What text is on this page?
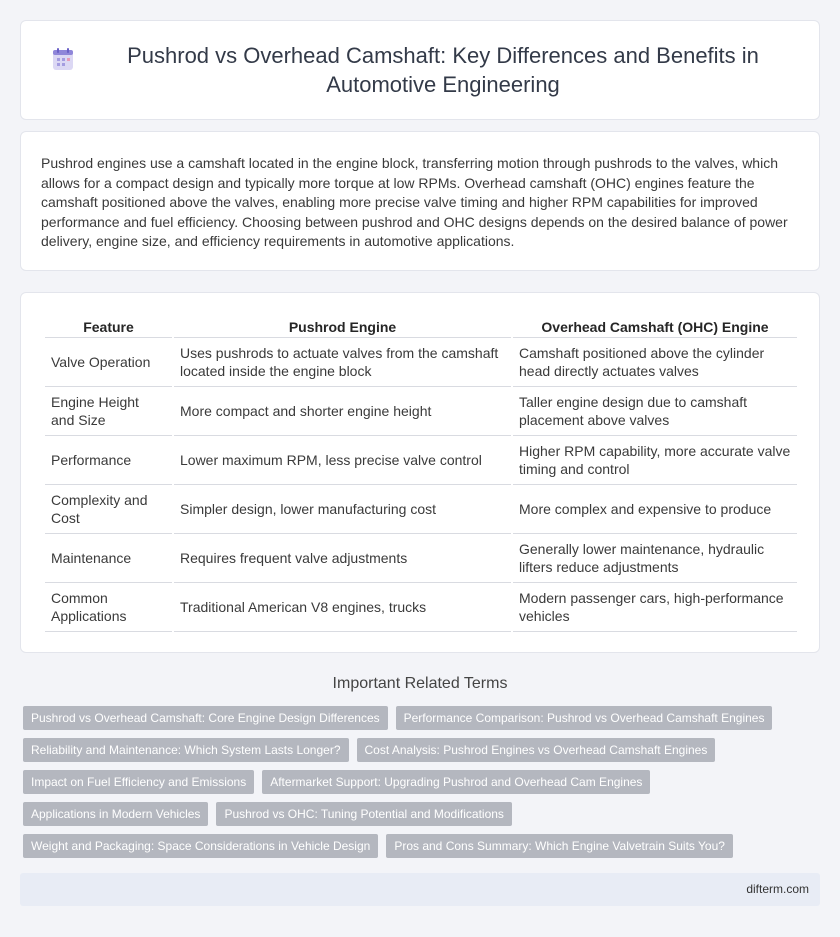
Pushrod vs Overhead Camshaft: Key Differences and Benefits in Automotive Engineering

Pushrod engines use a camshaft located in the engine block, transferring motion through pushrods to the valves, which allows for a compact design and typically more torque at low RPMs. Overhead camshaft (OHC) engines feature the camshaft positioned above the valves, enabling more precise valve timing and higher RPM capabilities for improved performance and fuel efficiency. Choosing between pushrod and OHC designs depends on the desired balance of power delivery, engine size, and efficiency requirements in automotive applications.

Feature	Pushrod Engine	Overhead Camshaft (OHC) Engine
Valve Operation	Uses pushrods to actuate valves from the camshaft located inside the engine block	Camshaft positioned above the cylinder head directly actuates valves
Engine Height and Size	More compact and shorter engine height	Taller engine design due to camshaft placement above valves
Performance	Lower maximum RPM, less precise valve control	Higher RPM capability, more accurate valve timing and control
Complexity and Cost	Simpler design, lower manufacturing cost	More complex and expensive to produce
Maintenance	Requires frequent valve adjustments	Generally lower maintenance, hydraulic lifters reduce adjustments
Common Applications	Traditional American V8 engines, trucks	Modern passenger cars, high-performance vehicles
Important Related Terms
Pushrod vs Overhead Camshaft: Core Engine Design Differences	Performance Comparison: Pushrod vs Overhead Camshaft Engines
Reliability and Maintenance: Which System Lasts Longer?	Cost Analysis: Pushrod Engines vs Overhead Camshaft Engines
Impact on Fuel Efficiency and Emissions	Aftermarket Support: Upgrading Pushrod and Overhead Cam Engines
Applications in Modern Vehicles	Pushrod vs OHC: Tuning Potential and Modifications
Weight and Packaging: Space Considerations in Vehicle Design	Pros and Cons Summary: Which Engine Valvetrain Suits You?
difterm.com
